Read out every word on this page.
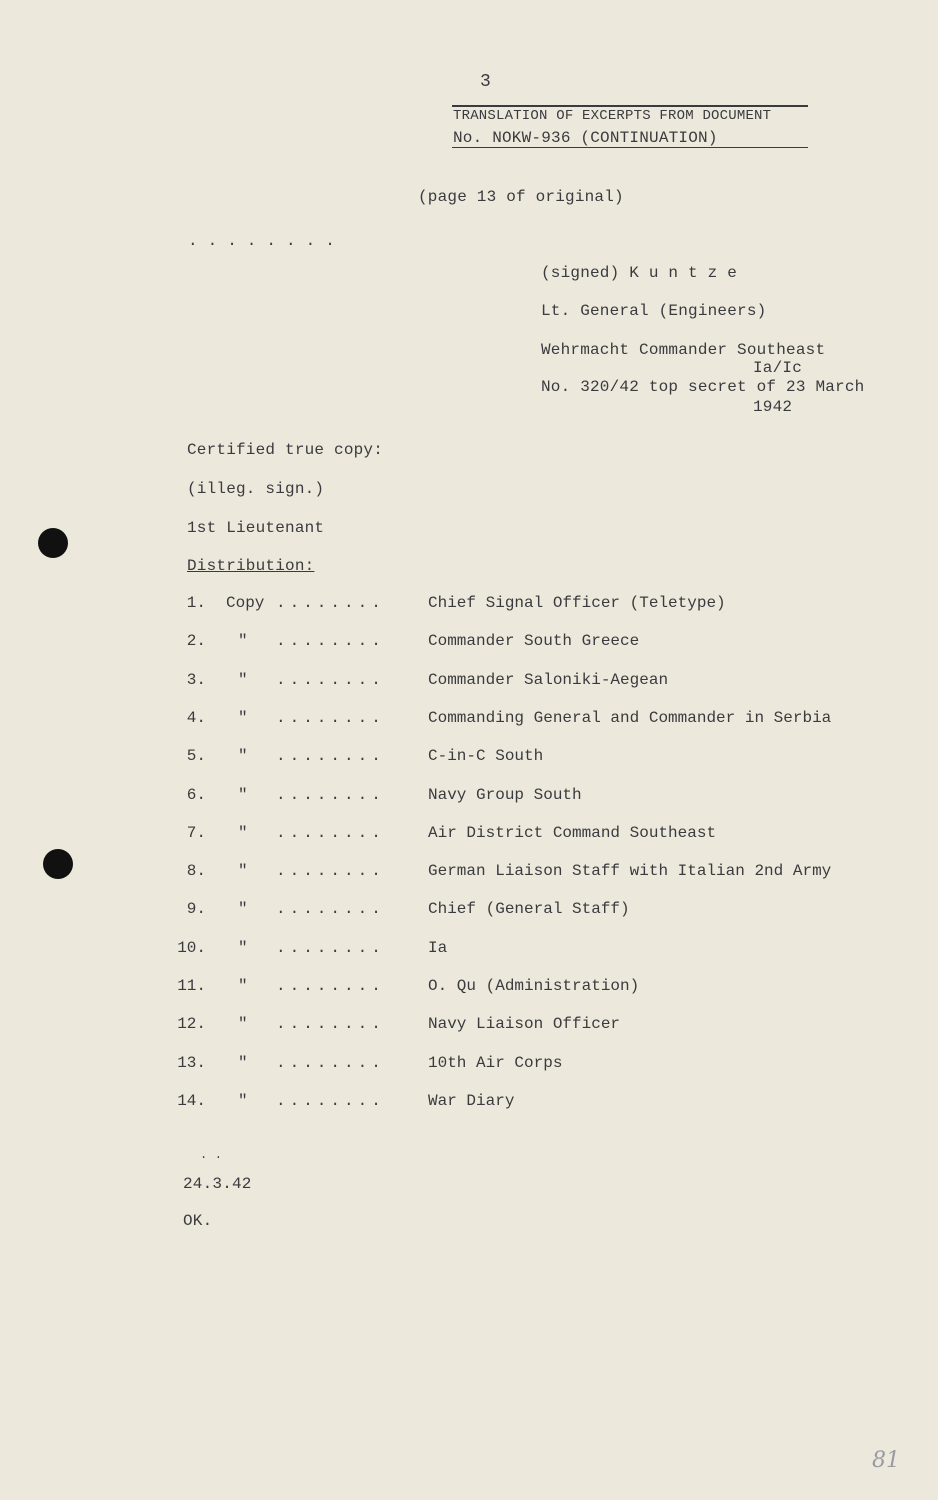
3
TRANSLATION OF EXCERPTS FROM DOCUMENT
No. NOKW-936 (CONTINUATION)
(page 13 of original)
. . . . . . . .
(signed) K u n t z e
Lt. General (Engineers)
Wehrmacht Commander Southeast
Ia/Ic
No. 320/42 top secret of 23 March
1942
Certified true copy:
(illeg. sign.)
1st Lieutenant
Distribution:
1. Copy ........	Chief Signal Officer (Teletype)
2. " ........	Commander South Greece
3. " ........	Commander Saloniki-Aegean
4. " ........	Commanding General and Commander in Serbia
5. " ........	C-in-C South
6. " ........	Navy Group South
7. " ........	Air District Command Southeast
8. " ........	German Liaison Staff with Italian 2nd Army
9. " ........	Chief (General Staff)
10. " ........	Ia
11. " ........	O. Qu (Administration)
12. " ........	Navy Liaison Officer
13. " ........	10th Air Corps
14. " ........	War Diary
. .
24.3.42
OK.
81
